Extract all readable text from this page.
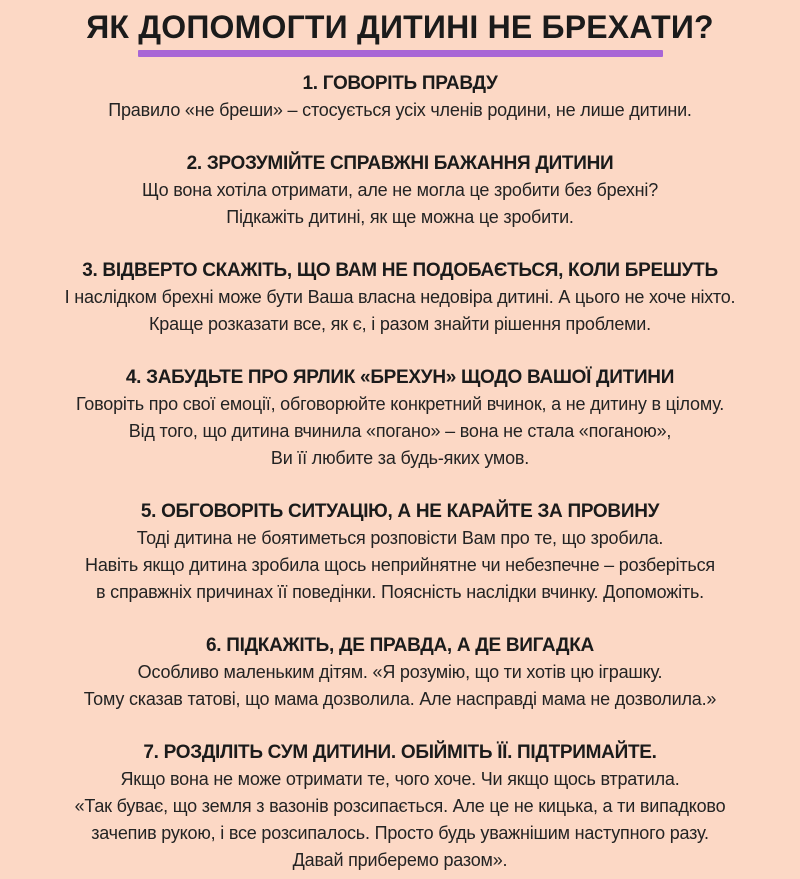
ЯК ДОПОМОГТИ ДИТИНІ НЕ БРЕХАТИ?
1. ГОВОРІТЬ ПРАВДУ

Правило «не бреши» – стосується усіх членів родини, не лише дитини.

2. ЗРОЗУМІЙТЕ СПРАВЖНІ БАЖАННЯ ДИТИНИ

Що вона хотіла отримати, але не могла це зробити без брехні?

Підкажіть дитині, як ще можна це зробити.

3. ВІДВЕРТО СКАЖІТЬ, ЩО ВАМ НЕ ПОДОБАЄТЬСЯ, КОЛИ БРЕШУТЬ

І наслідком брехні може бути Ваша власна недовіра дитині. А цього не хоче ніхто.

Краще розказати все, як є, і разом знайти рішення проблеми.

4. ЗАБУДЬТЕ ПРО ЯРЛИК «БРЕХУН» ЩОДО ВАШОЇ ДИТИНИ

Говоріть про свої емоції, обговорюйте конкретний вчинок, а не дитину в цілому.

Від того, що дитина вчинила «погано» – вона не стала «поганою»,

Ви її любите за будь-яких умов.

5. ОБГОВОРІТЬ СИТУАЦІЮ, А НЕ КАРАЙТЕ ЗА ПРОВИНУ

Тоді дитина не боятиметься розповісти Вам про те, що зробила.

Навіть якщо дитина зробила щось неприйнятне чи небезпечне – розберіться

в справжніх причинах її поведінки. Поясність наслідки вчинку. Допоможіть.

6. ПІДКАЖІТЬ, ДЕ ПРАВДА, А ДЕ ВИГАДКА

Особливо маленьким дітям. «Я розумію, що ти хотів цю іграшку.

Тому сказав татові, що мама дозволила. Але насправді мама не дозволила.»

7. РОЗДІЛІТЬ СУМ ДИТИНИ. ОБІЙМІТЬ ЇЇ. ПІДТРИМАЙТЕ.

Якщо вона не може отримати те, чого хоче. Чи якщо щось втратила.

«Так буває, що земля з вазонів розсипається. Але це не кицька, а ти випадково

зачепив рукою, і все розсипалось. Просто будь уважнішим наступного разу.

Давай приберемо разом».
